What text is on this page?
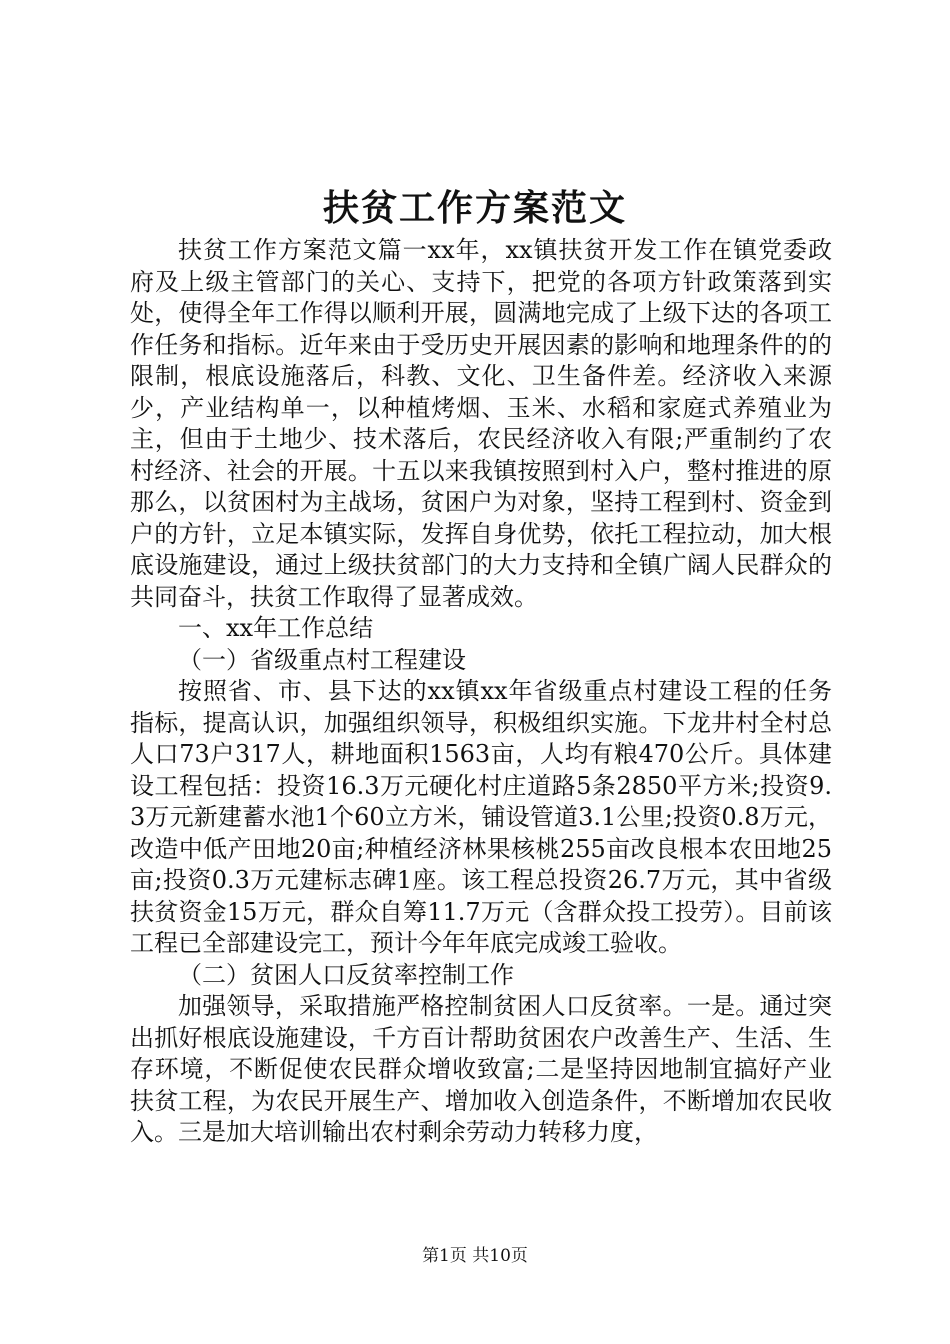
扶贫工作方案范文

扶贫工作方案范文篇一xx年，xx镇扶贫开发工作在镇党委政府及上级主管部门的关心、支持下，把党的各项方针政策落到实处，使得全年工作得以顺利开展，圆满地完成了上级下达的各项工作任务和指标。近年来由于受历史开展因素的影响和地理条件的的限制，根底设施落后，科教、文化、卫生备件差。经济收入来源少，产业结构单一，以种植烤烟、玉米、水稻和家庭式养殖业为主，但由于土地少、技术落后，农民经济收入有限;严重制约了农村经济、社会的开展。十五以来我镇按照到村入户，整村推进的原那么，以贫困村为主战场，贫困户为对象，坚持工程到村、资金到户的方针，立足本镇实际，发挥自身优势，依托工程拉动，加大根底设施建设，通过上级扶贫部门的大力支持和全镇广阔人民群众的共同奋斗，扶贫工作取得了显著成效。

一、xx年工作总结

（一）省级重点村工程建设

按照省、市、县下达的xx镇xx年省级重点村建设工程的任务指标，提高认识，加强组织领导，积极组织实施。下龙井村全村总人口73户317人，耕地面积1563亩，人均有粮470公斤。具体建设工程包括：投资16.3万元硬化村庄道路5条2850平方米;投资9.3万元新建蓄水池1个60立方米，铺设管道3.1公里;投资0.8万元，改造中低产田地20亩;种植经济林果核桃255亩改良根本农田地25亩;投资0.3万元建标志碑1座。该工程总投资26.7万元，其中省级扶贫资金15万元，群众自筹11.7万元（含群众投工投劳）。目前该工程已全部建设完工，预计今年年底完成竣工验收。

（二）贫困人口反贫率控制工作

加强领导，采取措施严格控制贫困人口反贫率。一是。通过突出抓好根底设施建设，千方百计帮助贫困农户改善生产、生活、生存环境，不断促使农民群众增收致富;二是坚持因地制宜搞好产业扶贫工程，为农民开展生产、增加收入创造条件，不断增加农民收入。三是加大培训输出农村剩余劳动力转移力度，

第1页 共10页
